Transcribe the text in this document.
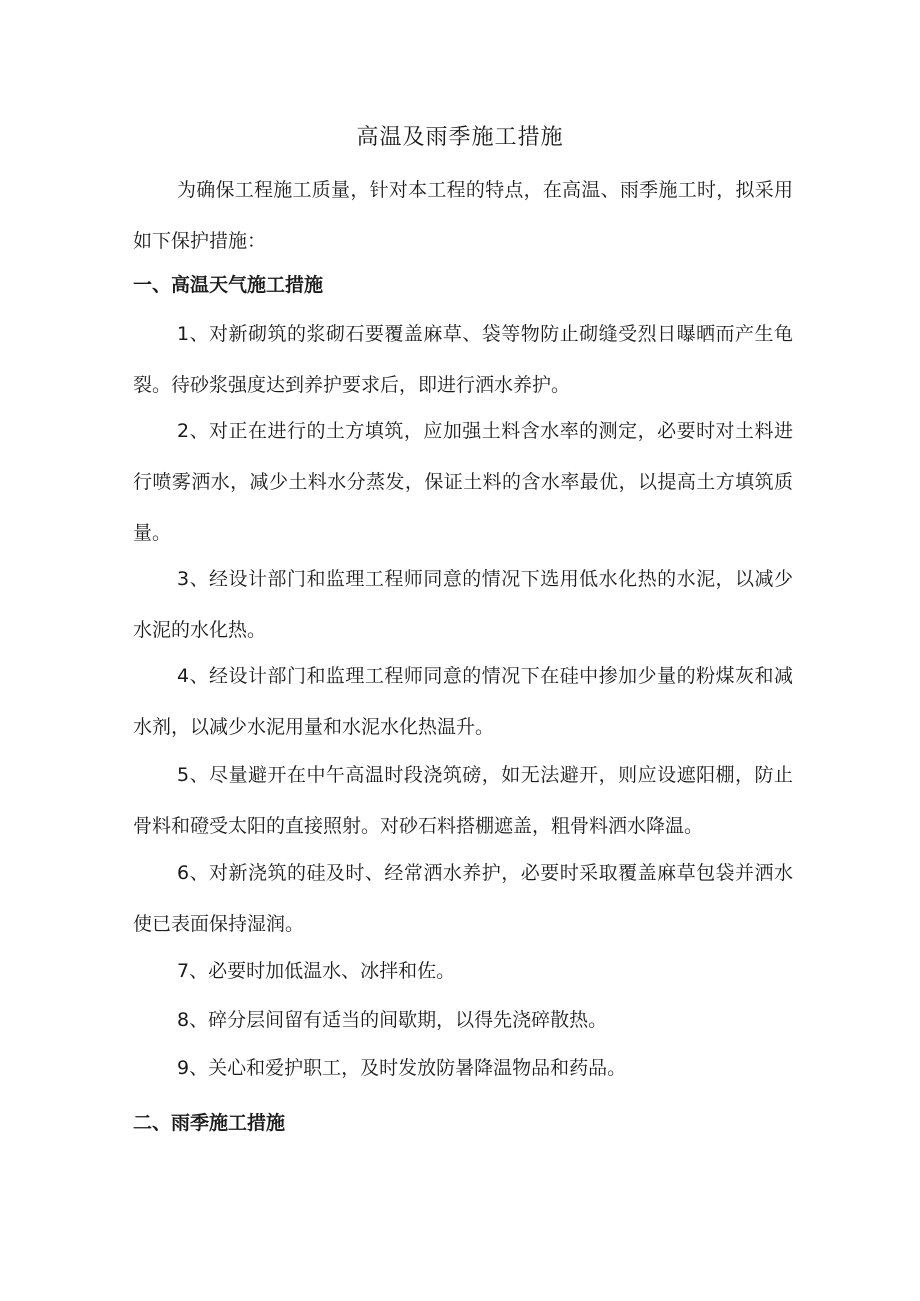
高温及雨季施工措施

为确保工程施工质量，针对本工程的特点，在高温、雨季施工时，拟采用如下保护措施：

一、高温天气施工措施

1、对新砌筑的浆砌石要覆盖麻草、袋等物防止砌缝受烈日曝晒而产生龟裂。待砂浆强度达到养护要求后，即进行洒水养护。

2、对正在进行的土方填筑，应加强土料含水率的测定，必要时对土料进行喷雾洒水，减少土料水分蒸发，保证土料的含水率最优，以提高土方填筑质量。

3、经设计部门和监理工程师同意的情况下选用低水化热的水泥，以减少水泥的水化热。

4、经设计部门和监理工程师同意的情况下在硅中掺加少量的粉煤灰和减水剂，以减少水泥用量和水泥水化热温升。

5、尽量避开在中午高温时段浇筑磅，如无法避开，则应设遮阳棚，防止骨料和磴受太阳的直接照射。对砂石料搭棚遮盖，粗骨料洒水降温。

6、对新浇筑的硅及时、经常洒水养护，必要时采取覆盖麻草包袋并洒水使已表面保持湿润。

7、必要时加低温水、冰拌和佐。

8、碎分层间留有适当的间歇期，以得先浇碎散热。

9、关心和爱护职工，及时发放防暑降温物品和药品。

二、雨季施工措施
